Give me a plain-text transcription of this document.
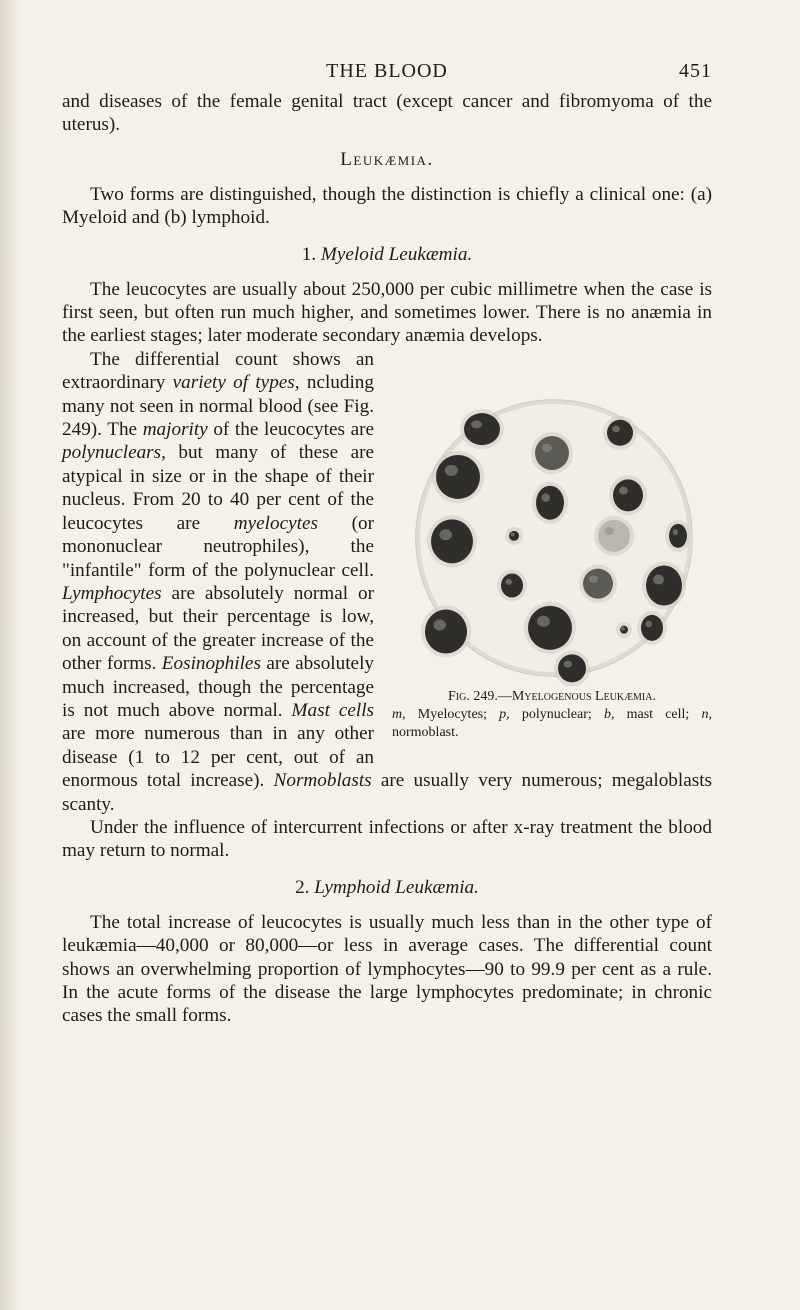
THE BLOOD	451

and diseases of the female genital tract (except cancer and fibromyoma of the uterus).

Leukæmia.

Two forms are distinguished, though the distinction is chiefly a clinical one: (a) Myeloid and (b) lymphoid.

1. Myeloid Leukæmia.

The leucocytes are usually about 250,000 per cubic millimetre when the case is first seen, but often run much higher, and sometimes lower. There is no anæmia in the earliest stages; later moderate secondary anæmia develops.

Fig. 249.—Myelogenous Leukæmia.
m, Myelocytes; p, polynuclear; b, mast cell; n, normoblast.

The differential count shows an extraordinary variety of types, ncluding many not seen in normal blood (see Fig. 249). The majority of the leucocytes are polynuclears, but many of these are atypical in size or in the shape of their nucleus. From 20 to 40 per cent of the leucocytes are myelocytes (or mononuclear neutrophiles), the "infantile" form of the polynuclear cell. Lymphocytes are absolutely normal or increased, but their percentage is low, on account of the greater increase of the other forms. Eosinophiles are absolutely much increased, though the percentage is not much above normal. Mast cells are more numerous than in any other disease (1 to 12 per cent, out of an enormous total increase). Normoblasts are usually very numerous; megaloblasts scanty.

Under the influence of intercurrent infections or after x-ray treatment the blood may return to normal.

2. Lymphoid Leukæmia.

The total increase of leucocytes is usually much less than in the other type of leukæmia—40,000 or 80,000—or less in average cases. The differential count shows an overwhelming proportion of lymphocytes—90 to 99.9 per cent as a rule. In the acute forms of the disease the large lymphocytes predominate; in chronic cases the small forms.
